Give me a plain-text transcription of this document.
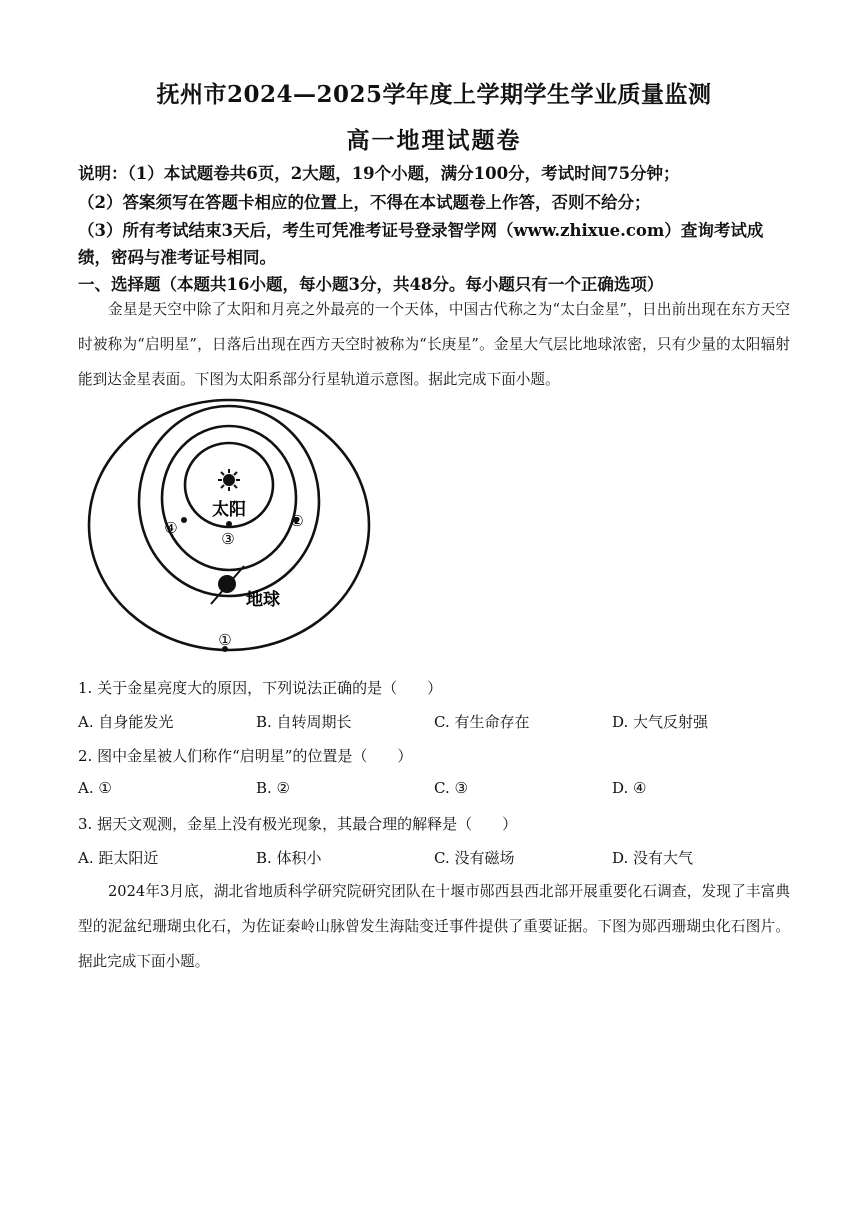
抚州市2024—2025学年度上学期学生学业质量监测
高一地理试题卷
说明：（1）本试题卷共6页，2大题，19个小题，满分100分，考试时间75分钟；
（2）答案须写在答题卡相应的位置上，不得在本试题卷上作答，否则不给分；
（3）所有考试结束3天后，考生可凭准考证号登录智学网（www.zhixue.com）查询考试成
绩，密码与准考证号相同。
一、选择题（本题共16小题，每小题3分，共48分。每小题只有一个正确选项）
金星是天空中除了太阳和月亮之外最亮的一个天体，中国古代称之为“太白金星”，日出前出现在东方天空时被称为“启明星”，日落后出现在西方天空时被称为“长庚星”。金星大气层比地球浓密，只有少量的太阳辐射能到达金星表面。下图为太阳系部分行星轨道示意图。据此完成下面小题。
太阳
③
②
④
①
地球
1. 关于金星亮度大的原因，下列说法正确的是（　　）
A. 自身能发光	B. 自转周期长	C. 有生命存在	D. 大气反射强
2. 图中金星被人们称作“启明星”的位置是（　　）
A. ①	B. ②	C. ③	D. ④
3. 据天文观测，金星上没有极光现象，其最合理的解释是（　　）
A. 距太阳近	B. 体积小	C. 没有磁场	D. 没有大气
2024年3月底，湖北省地质科学研究院研究团队在十堰市郧西县西北部开展重要化石调查，发现了丰富典型的泥盆纪珊瑚虫化石，为佐证秦岭山脉曾发生海陆变迁事件提供了重要证据。下图为郧西珊瑚虫化石图片。据此完成下面小题。
